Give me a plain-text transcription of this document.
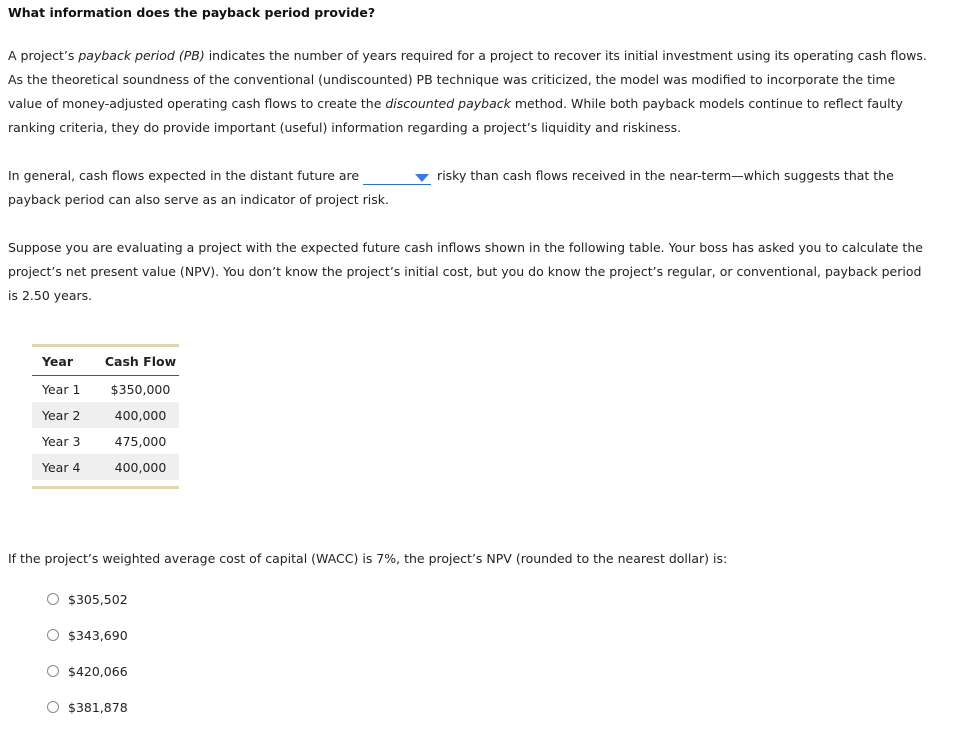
What information does the payback period provide?
A project’s payback period (PB) indicates the number of years required for a project to recover its initial investment using its operating cash flows. As the theoretical soundness of the conventional (undiscounted) PB technique was criticized, the model was modified to incorporate the time value of money-adjusted operating cash flows to create the discounted payback method. While both payback models continue to reflect faulty ranking criteria, they do provide important (useful) information regarding a project’s liquidity and riskiness.
In general, cash flows expected in the distant future are	risky than cash flows received in the near-term—which suggests that the payback period can also serve as an indicator of project risk.
Suppose you are evaluating a project with the expected future cash inflows shown in the following table. Your boss has asked you to calculate the project’s net present value (NPV). You don’t know the project’s initial cost, but you do know the project’s regular, or conventional, payback period is 2.50 years.
Year	Cash Flow
Year 1	$350,000
Year 2	400,000
Year 3	475,000
Year 4	400,000
If the project’s weighted average cost of capital (WACC) is 7%, the project’s NPV (rounded to the nearest dollar) is:
$305,502
$343,690
$420,066
$381,878
